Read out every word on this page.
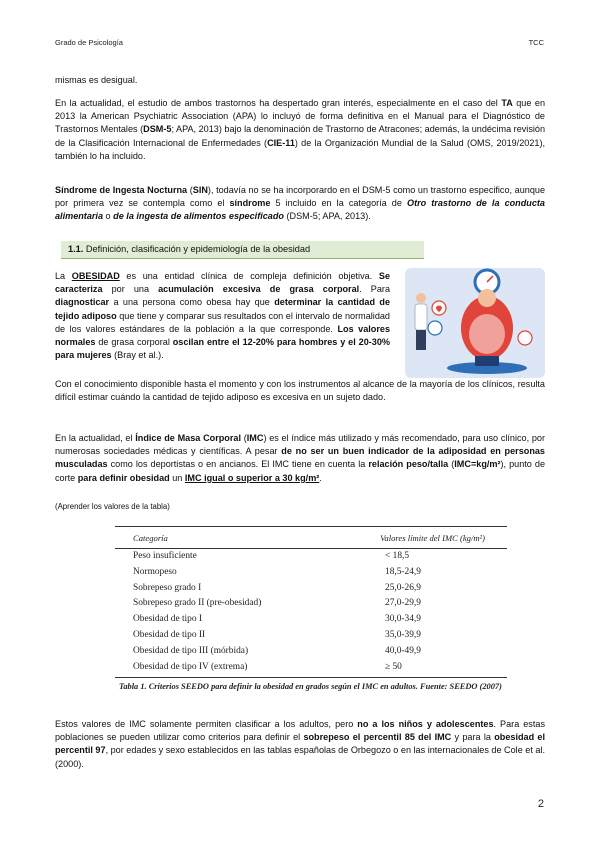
Grado de Psicología	TCC
mismas es desigual.
En la actualidad, el estudio de ambos trastornos ha despertado gran interés, especialmente en el caso del TA que en 2013 la American Psychiatric Association (APA) lo incluyó de forma definitiva en el Manual para el Diagnóstico de Trastornos Mentales (DSM-5; APA, 2013) bajo la denominación de Trastorno de Atracones; además, la undécima revisión de la Clasificación Internacional de Enfermedades (CIE-11) de la Organización Mundial de la Salud (OMS, 2019/2021), también lo ha incluido.
Síndrome de Ingesta Nocturna (SIN), todavía no se ha incorporardo en el DSM-5 como un trastorno especifico, aunque por primera vez se contempla como el síndrome 5 incluido en la categoría de Otro trastorno de la conducta alimentaria o de la ingesta de alimentos especificado (DSM-5; APA, 2013).
1.1. Definición, clasificación y epidemiología de la obesidad
La OBESIDAD es una entidad clínica de compleja definición objetiva. Se caracteriza por una acumulación excesiva de grasa corporal. Para diagnosticar a una persona como obesa hay que determinar la cantidad de tejido adiposo que tiene y comparar sus resultados con el intervalo de normalidad de los valores estándares de la población a la que corresponde. Los valores normales de grasa corporal oscilan entre el 12-20% para hombres y el 20-30% para mujeres (Bray et al.).
Con el conocimiento disponible hasta el momento y con los instrumentos al alcance de la mayoría de los clínicos, resulta difícil estimar cuándo la cantidad de tejido adiposo es excesiva en un sujeto dado.
En la actualidad, el Índice de Masa Corporal (IMC) es el índice más utilizado y más recomendado, para uso clínico, por numerosas sociedades médicas y científicas. A pesar de no ser un buen indicador de la adiposidad en personas musculadas como los deportistas o en ancianos. El IMC tiene en cuenta la relación peso/talla (IMC=kg/m²), punto de corte para definir obesidad un IMC igual o superior a 30 kg/m².
(Aprender los valores de la tabla)
Categoría	Valores límite del IMC (kg/m²)
Peso insuficiente	< 18,5
Normopeso	18,5-24,9
Sobrepeso grado I	25,0-26,9
Sobrepeso grado II (pre-obesidad)	27,0-29,9
Obesidad de tipo I	30,0-34,9
Obesidad de tipo II	35,0-39,9
Obesidad de tipo III (mórbida)	40,0-49,9
Obesidad de tipo IV (extrema)	≥ 50
Tabla 1. Criterios SEEDO para definir la obesidad en grados según el IMC en adultos. Fuente: SEEDO (2007)
Estos valores de IMC solamente permiten clasificar a los adultos, pero no a los niños y adolescentes. Para estas poblaciones se pueden utilizar como criterios para definir el sobrepeso el percentil 85 del IMC y para la obesidad el percentil 97, por edades y sexo establecidos en las tablas españolas de Orbegozo o en las internacionales de Cole et al. (2000).
2
